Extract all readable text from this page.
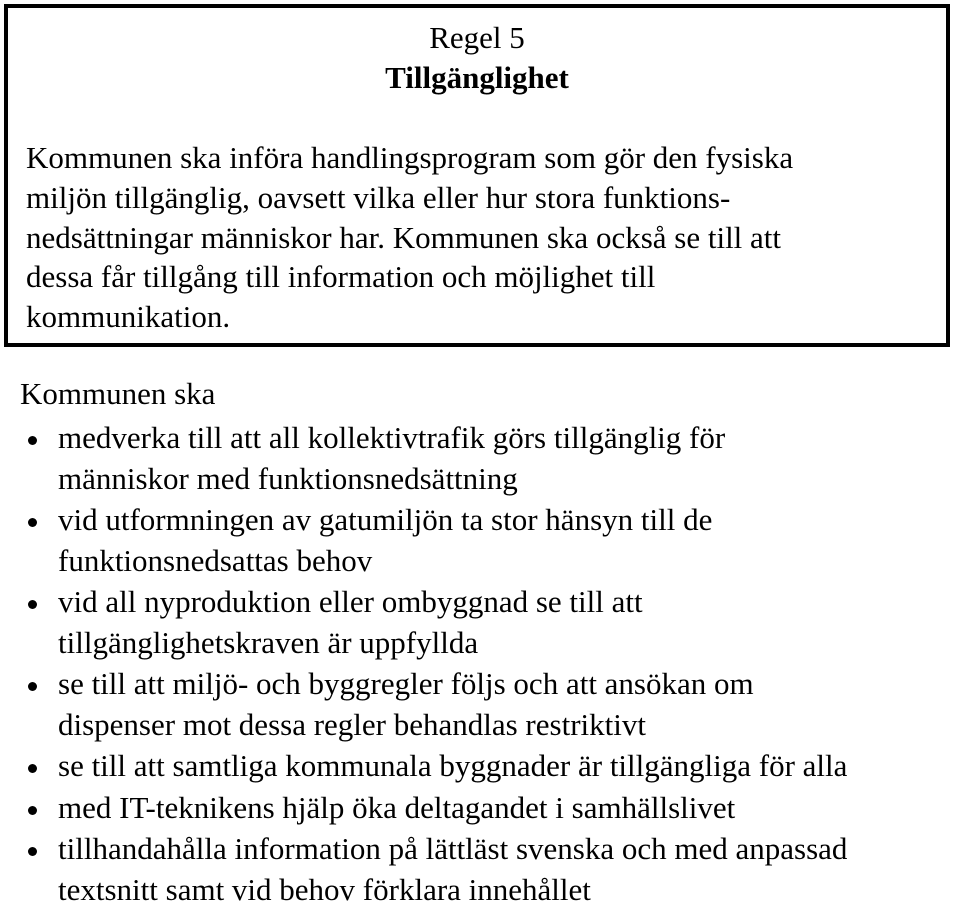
Regel 5
Tillgänglighet
Kommunen ska införa handlingsprogram som gör den fysiska
miljön tillgänglig, oavsett vilka eller hur stora funktions-
nedsättningar människor har. Kommunen ska också se till att
dessa får tillgång till information och möjlighet till
kommunikation.
Kommunen ska
medverka till att all kollektivtrafik görs tillgänglig för
människor med funktionsnedsättning
vid utformningen av gatumiljön ta stor hänsyn till de
funktionsnedsattas behov
vid all nyproduktion eller ombyggnad se till att
tillgänglighetskraven är uppfyllda
se till att miljö- och byggregler följs och att ansökan om
dispenser mot dessa regler behandlas restriktivt
se till att samtliga kommunala byggnader är tillgängliga för alla
med IT-teknikens hjälp öka deltagandet i samhällslivet
tillhandahålla information på lättläst svenska och med anpassad
textsnitt samt vid behov förklara innehållet
